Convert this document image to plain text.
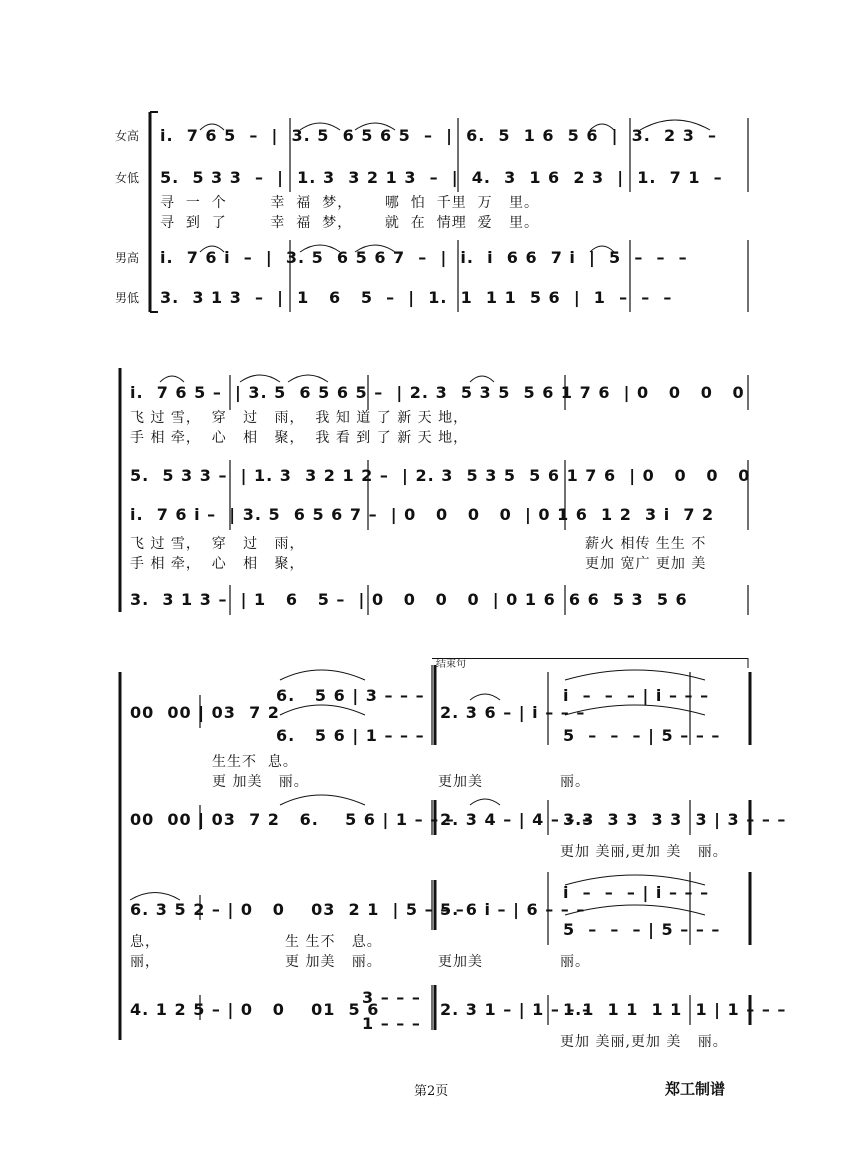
女高 i.  7 6 5  –  |  3. 5  6 5 6 5  –  |  6.  5  1 6  5 6  |  3.  2 3  –
女低 5.  5 3 3  –  |  1. 3  3 2 1 3  –  |  4.  3  1 6  2 3  |  1.  7 1  –
寻  一  个        幸  福  梦，      哪  怕  千里  万   里。
寻  到  了        幸  福  梦，      就  在  情理  爱   里。
男高 i.  7 6 i  –  |  3. 5  6 5 6 7  –  |  i.  i  6 6  7 i  |  5  –  –  –
男低 3.  3 1 3  –  |  1   6   5  –  |  1.  1  1 1  5 6  |  1  –  –  –
i.  7 6 5 –  | 3. 5  6 5 6 5 –  | 2. 3  5 3 5  5 6 1 7 6  | 0   0   0   0
飞 过 雪，  穿   过   雨，  我 知 道 了 新 天 地，
手 相 牵，  心   相   聚，  我 看 到 了 新 天 地，
5.  5 3 3 –  | 1. 3  3 2 1 2 –  | 2. 3  5 3 5  5 6 1 7 6  | 0   0   0   0
i.  7 6 i –  | 3. 5  6 5 6 7 –  | 0   0   0   0  | 0 1 6  1 2  3 i  7 2
飞 过 雪，  穿   过   雨，
手 相 牵，  心   相   聚，
薪火 相传 生生 不
更加 宽广 更加 美
3.  3 1 3 –  | 1   6   5 –  | 0   0   0   0  | 0 1 6  6 6  5 3  5 6
结束句
00  00 | 03  7 2
6.   5 6 | 3 – – –
6.   5 6 | 1 – – –
2. 3 6 – | i – – –
i  –  –  – | i – – –
5  –  –  – | 5 – – –
生生不  息。
更 加美   丽。	更加美	丽。
00  00 | 03  7 2   6.    5 6 | 1 – – –
2. 3 4 – | 4 – – –
3.3  3 3  3 3  3 | 3 – – –
更加 美丽,更加 美   丽。
6. 3 5 2 – | 0   0    03  2 1  | 5 – – –
5. 6 i – | 6 – – –
i  –  –  – | i – – –
5  –  –  – | 5 – – –
息，
丽，
生 生不   息。
更 加美   丽。	更加美	丽。
4. 1 2 5 – | 0   0    01  5 6
3 – – –
1 – – –
2. 3 1 – | 1 – – –
1.1  1 1  1 1  1 | 1 – – –
更加 美丽,更加 美   丽。
第2页	郑工制谱
